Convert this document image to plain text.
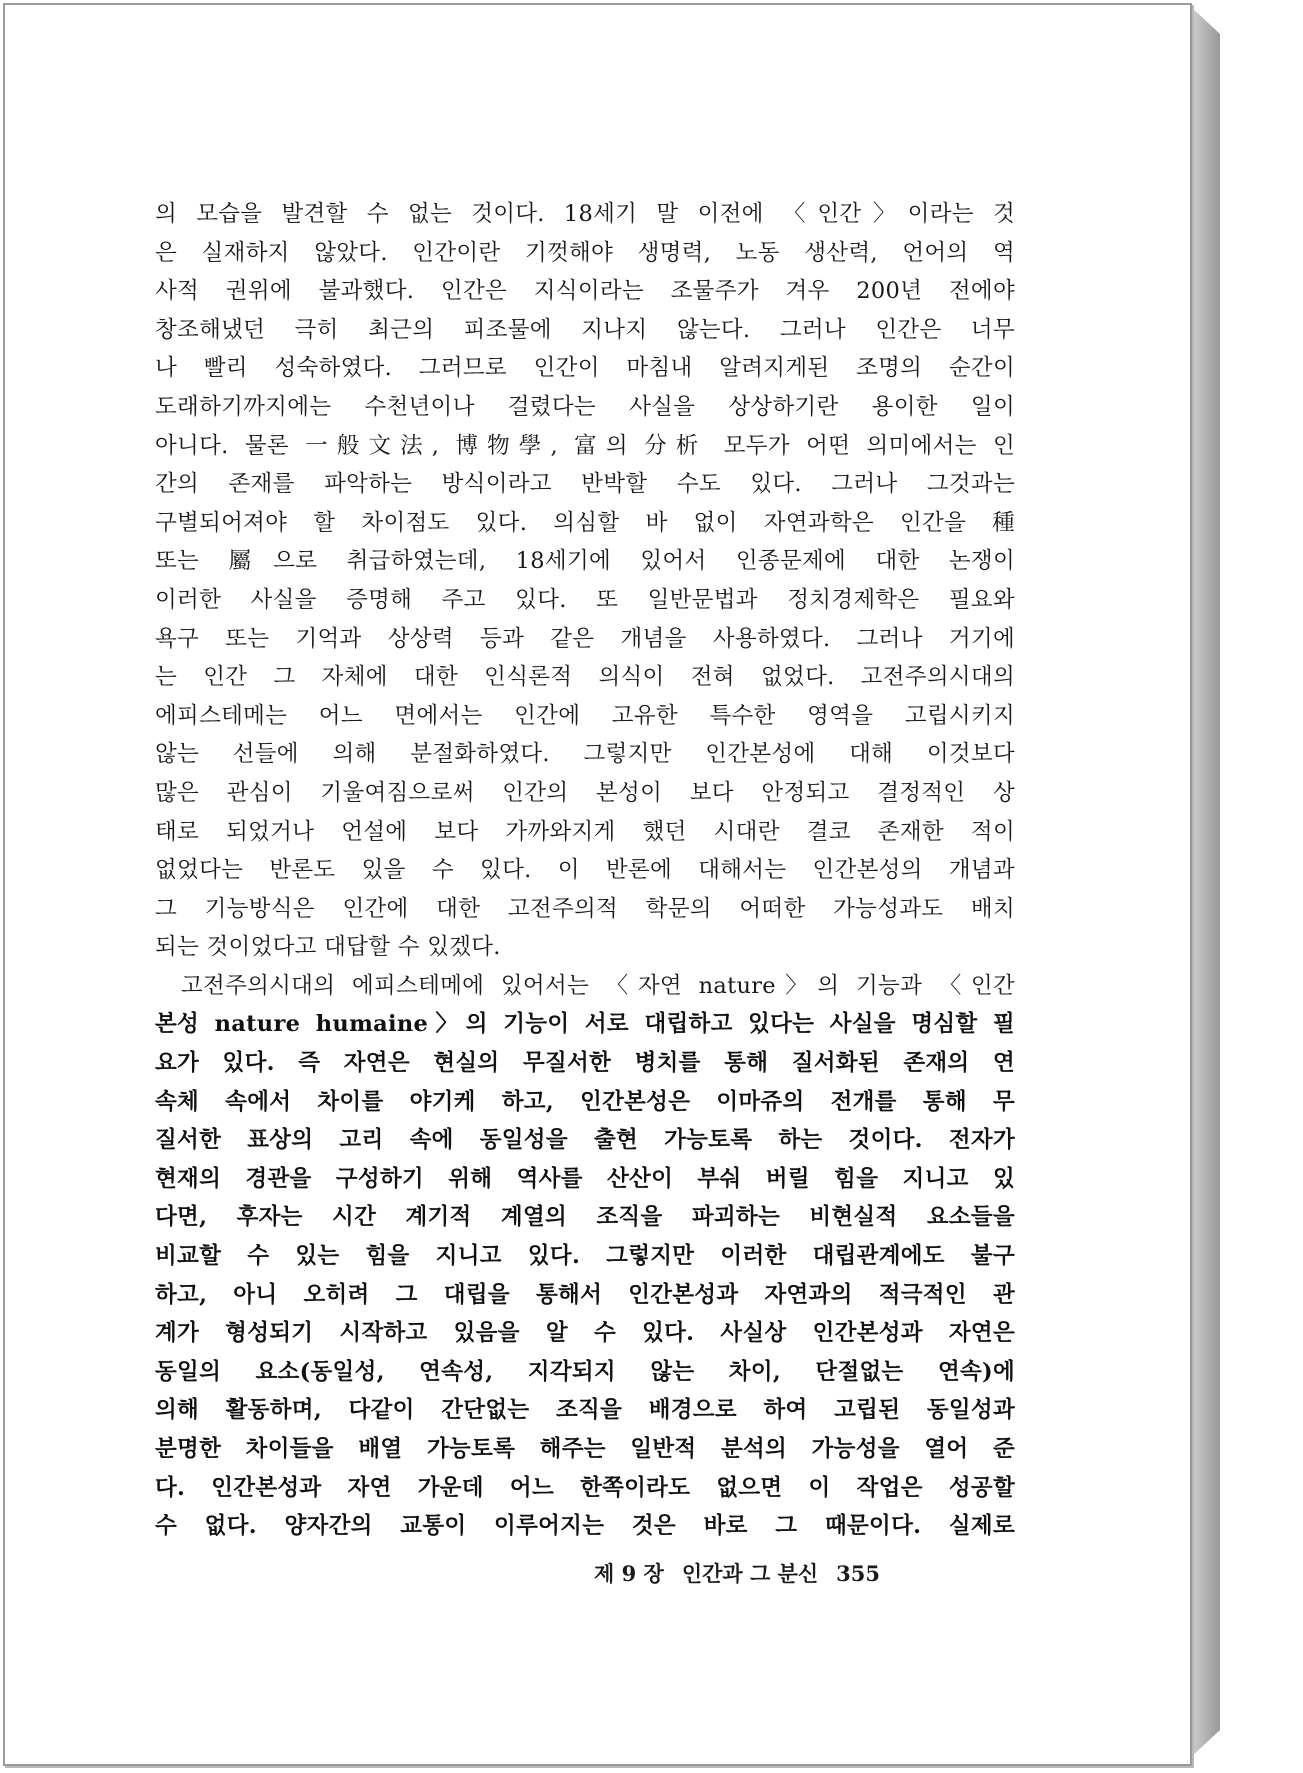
의 모습을 발견할 수 없는 것이다. 18세기 말 이전에 〈인간〉이라는 것
은 실재하지 않았다. 인간이란 기껏해야 생명력, 노동 생산력, 언어의 역
사적 권위에 불과했다. 인간은 지식이라는 조물주가 겨우 200년 전에야
창조해냈던 극히 최근의 피조물에 지나지 않는다. 그러나 인간은 너무
나 빨리 성숙하였다. 그러므로 인간이 마침내 알려지게된 조명의 순간이
도래하기까지에는 수천년이나 걸렸다는 사실을 상상하기란 용이한 일이
아니다. 물론 一般文法, 博物學, 富의 分析 모두가 어떤 의미에서는 인
간의 존재를 파악하는 방식이라고 반박할 수도 있다. 그러나 그것과는
구별되어져야 할 차이점도 있다. 의심할 바 없이 자연과학은 인간을 種
또는 屬으로 취급하였는데, 18세기에 있어서 인종문제에 대한 논쟁이
이러한 사실을 증명해 주고 있다. 또 일반문법과 정치경제학은 필요와
욕구 또는 기억과 상상력 등과 같은 개념을 사용하였다. 그러나 거기에
는 인간 그 자체에 대한 인식론적 의식이 전혀 없었다. 고전주의시대의
에피스테메는 어느 면에서는 인간에 고유한 특수한 영역을 고립시키지
않는 선들에 의해 분절화하였다. 그렇지만 인간본성에 대해 이것보다
많은 관심이 기울여짐으로써 인간의 본성이 보다 안정되고 결정적인 상
태로 되었거나 언설에 보다 가까와지게 했던 시대란 결코 존재한 적이
없었다는 반론도 있을 수 있다. 이 반론에 대해서는 인간본성의 개념과
그 기능방식은 인간에 대한 고전주의적 학문의 어떠한 가능성과도 배치
되는 것이었다고 대답할 수 있겠다.
고전주의시대의 에피스테메에 있어서는 〈자연 nature〉의 기능과 〈인간
본성 nature humaine〉의 기능이 서로 대립하고 있다는 사실을 명심할 필
요가 있다. 즉 자연은 현실의 무질서한 병치를 통해 질서화된 존재의 연
속체 속에서 차이를 야기케 하고, 인간본성은 이마쥬의 전개를 통해 무
질서한 표상의 고리 속에 동일성을 출현 가능토록 하는 것이다. 전자가
현재의 경관을 구성하기 위해 역사를 산산이 부숴 버릴 힘을 지니고 있
다면, 후자는 시간 계기적 계열의 조직을 파괴하는 비현실적 요소들을
비교할 수 있는 힘을 지니고 있다. 그렇지만 이러한 대립관계에도 불구
하고, 아니 오히려 그 대립을 통해서 인간본성과 자연과의 적극적인 관
계가 형성되기 시작하고 있음을 알 수 있다. 사실상 인간본성과 자연은
동일의 요소(동일성, 연속성, 지각되지 않는 차이, 단절없는 연속)에
의해 활동하며, 다같이 간단없는 조직을 배경으로 하여 고립된 동일성과
분명한 차이들을 배열 가능토록 해주는 일반적 분석의 가능성을 열어 준
다. 인간본성과 자연 가운데 어느 한쪽이라도 없으면 이 작업은 성공할
수 없다. 양자간의 교통이 이루어지는 것은 바로 그 때문이다. 실제로
제 9 장 인간과 그 분신 355
